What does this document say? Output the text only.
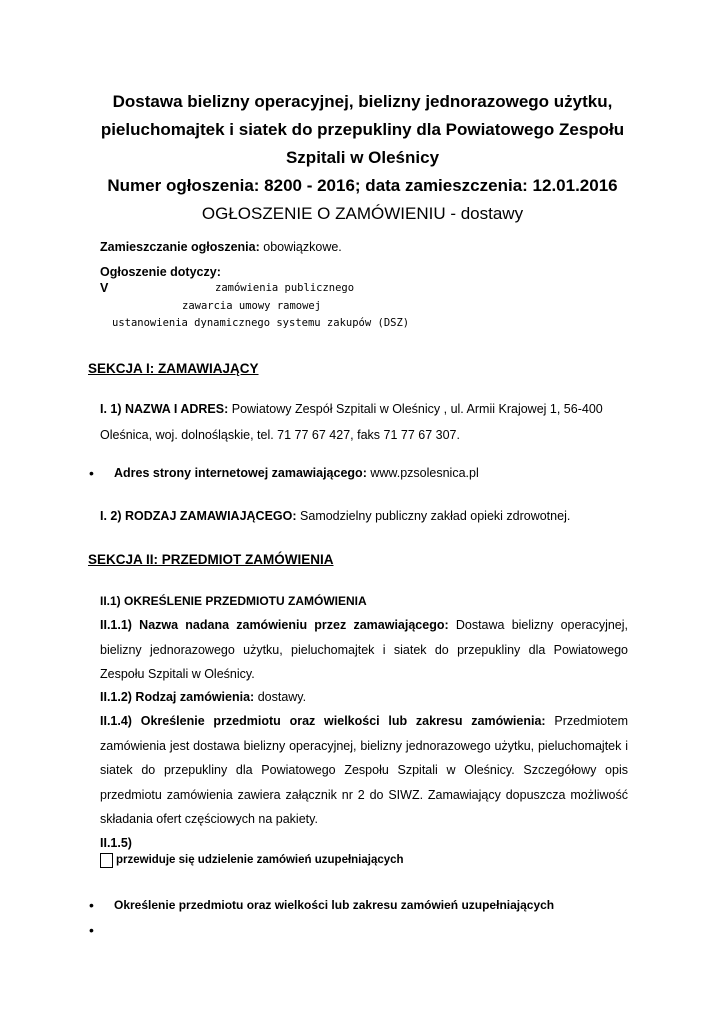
Dostawa bielizny operacyjnej, bielizny jednorazowego użytku,
pieluchomajtek i siatek do przepukliny dla Powiatowego Zespołu
Szpitali w Oleśnicy
Numer ogłoszenia: 8200 - 2016; data zamieszczenia: 12.01.2016
OGŁOSZENIE O ZAMÓWIENIU - dostawy
Zamieszczanie ogłoszenia: obowiązkowe.
Ogłoszenie dotyczy:
V	zamówienia publicznego
zawarcia umowy ramowej
ustanowienia dynamicznego systemu zakupów (DSZ)
SEKCJA I: ZAMAWIAJĄCY
I. 1) NAZWA I ADRES: Powiatowy Zespół Szpitali w Oleśnicy , ul. Armii Krajowej 1, 56-400
Oleśnica, woj. dolnośląskie, tel. 71 77 67 427, faks 71 77 67 307.
• Adres strony internetowej zamawiającego: www.pzsolesnica.pl
I. 2) RODZAJ ZAMAWIAJĄCEGO: Samodzielny publiczny zakład opieki zdrowotnej.
SEKCJA II: PRZEDMIOT ZAMÓWIENIA
II.1) OKREŚLENIE PRZEDMIOTU ZAMÓWIENIA
II.1.1) Nazwa nadana zamówieniu przez zamawiającego: Dostawa bielizny operacyjnej, bielizny jednorazowego użytku, pieluchomajtek i siatek do przepukliny dla Powiatowego Zespołu Szpitali w Oleśnicy.
II.1.2) Rodzaj zamówienia: dostawy.
II.1.4) Określenie przedmiotu oraz wielkości lub zakresu zamówienia: Przedmiotem zamówienia jest dostawa bielizny operacyjnej, bielizny jednorazowego użytku, pieluchomajtek i siatek do przepukliny dla Powiatowego Zespołu Szpitali w Oleśnicy. Szczegółowy opis przedmiotu zamówienia zawiera załącznik nr 2 do SIWZ. Zamawiający dopuszcza możliwość składania ofert częściowych na pakiety.
II.1.5)
przewiduje się udzielenie zamówień uzupełniających
• Określenie przedmiotu oraz wielkości lub zakresu zamówień uzupełniających
•
